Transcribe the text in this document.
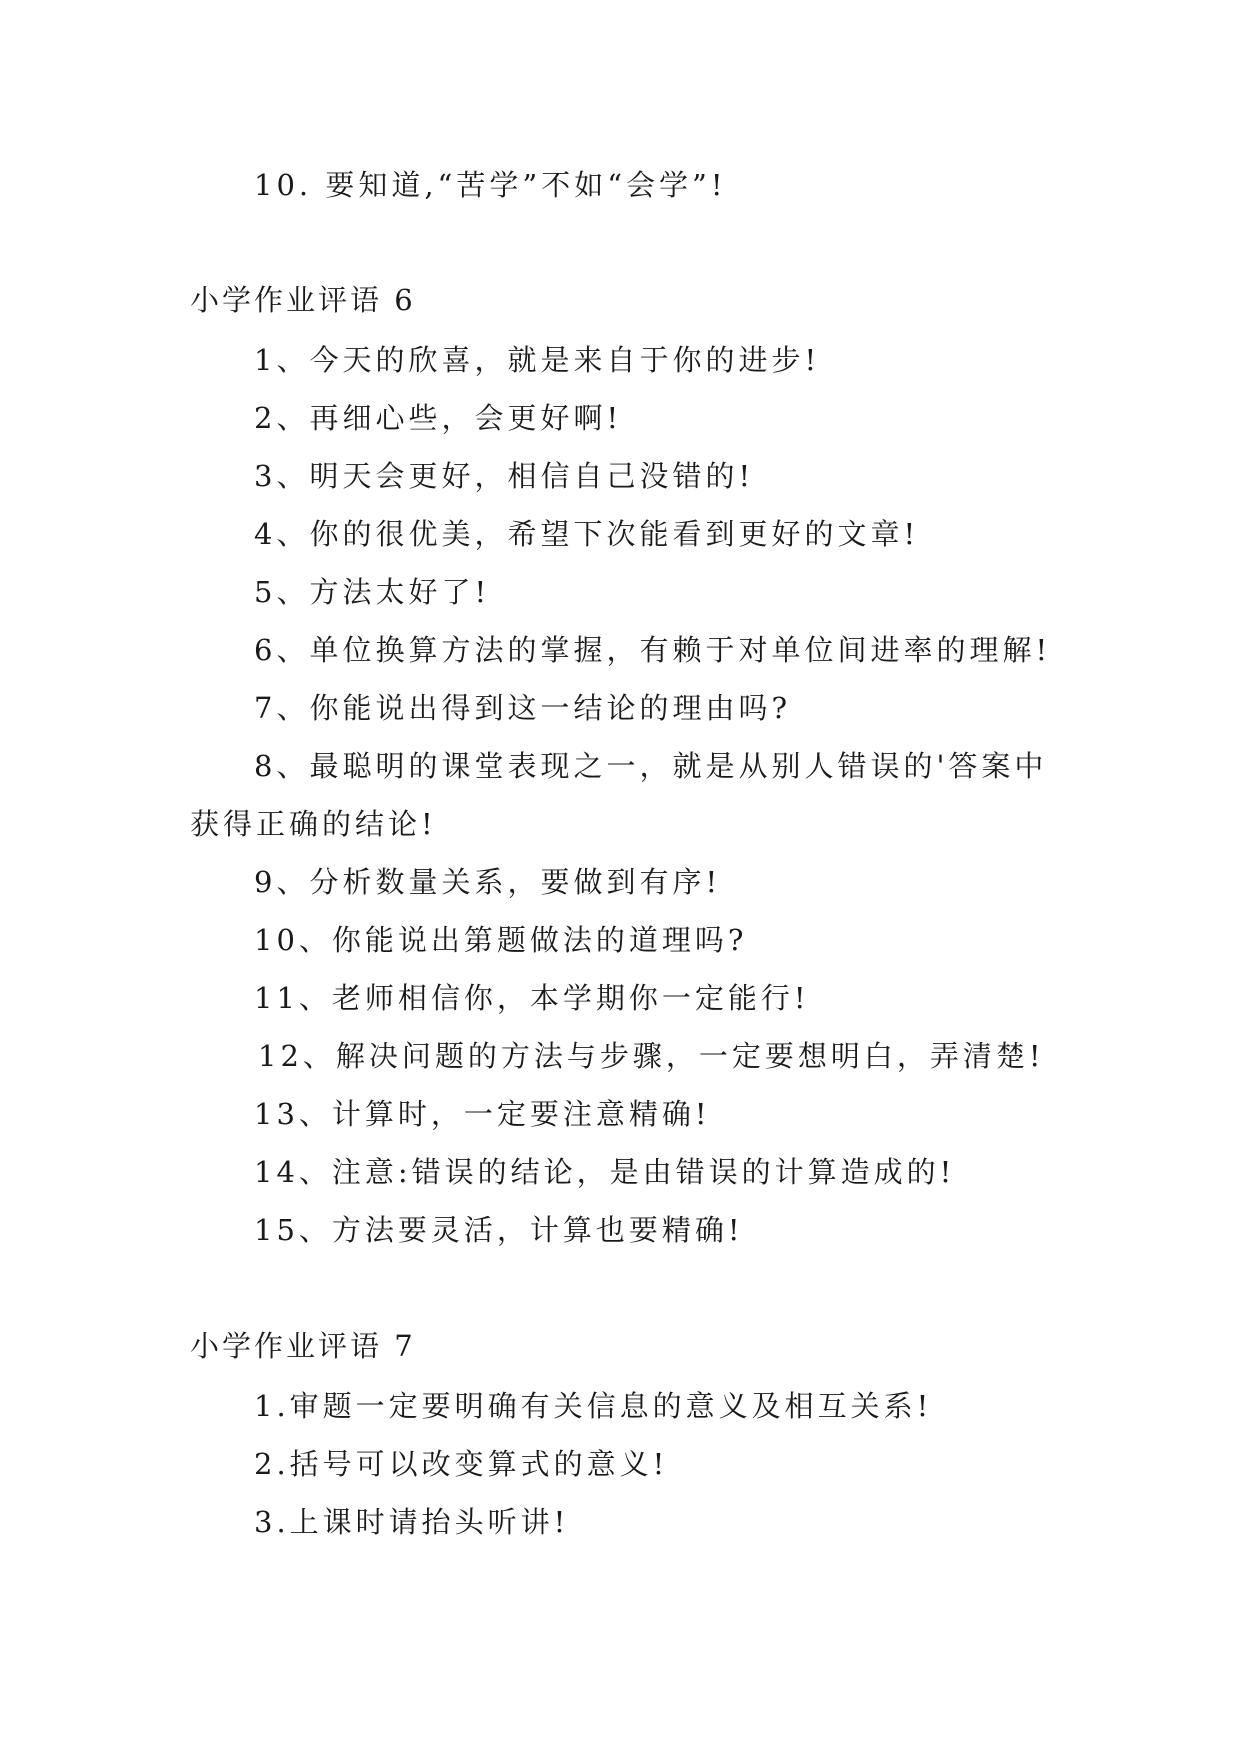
10. 要知道,“苦学”不如“会学”!
小学作业评语 6
1、今天的欣喜，就是来自于你的进步!
2、再细心些，会更好啊!
3、明天会更好，相信自己没错的!
4、你的很优美，希望下次能看到更好的文章!
5、方法太好了!
6、单位换算方法的掌握，有赖于对单位间进率的理解!
7、你能说出得到这一结论的理由吗?
8、最聪明的课堂表现之一，就是从别人错误的'答案中
获得正确的结论!
9、分析数量关系，要做到有序!
10、你能说出第题做法的道理吗?
11、老师相信你，本学期你一定能行!
12、解决问题的方法与步骤，一定要想明白，弄清楚!
13、计算时，一定要注意精确!
14、注意:错误的结论，是由错误的计算造成的!
15、方法要灵活，计算也要精确!
小学作业评语 7
1.审题一定要明确有关信息的意义及相互关系!
2.括号可以改变算式的意义!
3.上课时请抬头听讲!
